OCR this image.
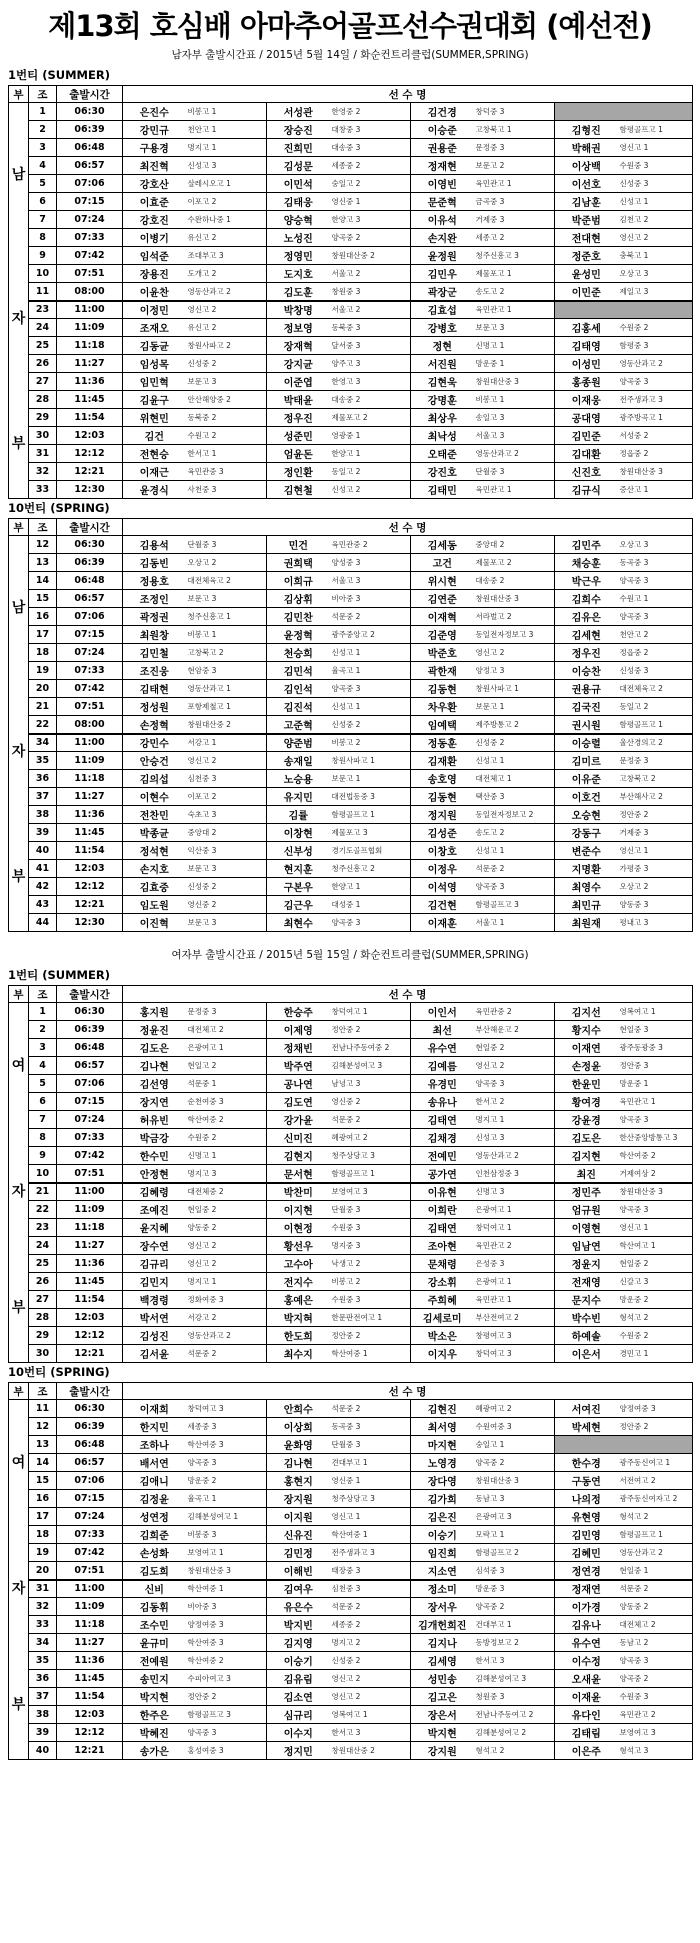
제13회 호심배 아마추어골프선수권대회 (예선전)
남자부 출발시간표 / 2015년 5월 14일 / 화순컨트리클럽(SUMMER,SPRING)
1번티 (SUMMER)
부	조	출발시간	선 수 명							
남	1	06:30	은진수	비봉고 1	서성관	한영중 2	김건경	창덕중 3		
	2	06:39	강민규	천안고 1	장승진	대창중 3	이승준	고창북고 1	김형진	함평골프고 1
	3	06:48	구용경	명지고 1	진희민	대송중 3	권용준	문정중 3	박해권	영신고 1
	4	06:57	최진혁	신성고 3	김성문	세종중 2	정재현	보문고 2	이상백	수원중 3
	5	07:06	강호산	살레시오고 1	이민석	숭일고 2	이영빈	육민관고 1	이선호	신성중 3
	6	07:15	이효준	이포고 2	김태웅	영신중 1	문준혁	금곡중 3	김남훈	신성고 1
	7	07:24	강호진	수완하나중 1	양승혁	한양고 3	이유석	거제중 3	박준범	김천고 2
	8	07:33	이병기	유신고 2	노성진	양곡중 2	손지완	세종고 2	전대현	영신고 2
자	9	07:42	임석준	조대부고 3	정영민	창원대산중 2	윤정원	청주신흥고 3	정준호	충북고 1
	10	07:51	장용진	도개고 2	도지호	서울고 2	김민우	제물포고 1	윤성민	오상고 3
	11	08:00	이윤찬	영동산과고 2	김도훈	창원중 3	곽장군	송도고 2	이민준	제일고 3
	23	11:00	이정민	영신고 2	박창명	서울고 2	김효섭	육민관고 1		
	24	11:09	조재오	유신고 2	정보영	동북중 3	강병호	보문고 3	김홍세	수원중 2
	25	11:18	김동균	창원사파고 2	장재혁	달서중 3	정현	신명고 1	김태영	함평중 3
	26	11:27	임성목	신성중 2	강지균	양주고 3	서진원	망운중 1	이성민	영동산과고 2
	27	11:36	임민혁	보문고 3	이준엽	한영고 3	김현욱	창원대산중 3	홍종원	양곡중 3
부	28	11:45	김윤구	안산해양중 2	박태윤	대송중 2	강명훈	비봉고 1	이재웅	전주생과고 3
	29	11:54	위현민	동북중 2	정우진	제물포고 2	최상우	송일고 3	공대영	광주방곡고 1
	30	12:03	김건	수원고 2	성준민	영광중 1	최낙성	서울고 3	김민준	서성중 2
	31	12:12	전현승	한서고 1	엄윤돈	한양고 1	오태준	영동산과고 2	김대환	정읍중 2
	32	12:21	이재근	육민관중 3	정인환	동일고 2	강진호	단월중 3	신진호	창원대산중 3
	33	12:30	윤경식	사천중 3	김현철	신성고 2	김태민	육민관고 1	김규식	증산고 1
10번티 (SPRING)
부	조	출발시간	선 수 명							
남	12	06:30	김용석	단월중 3	민건	육민관중 2	김세동	중앙대 2	김민주	오상고 3
	13	06:39	김동빈	오상고 2	권희택	양성중 3	고건	제물포고 2	채승훈	동곡중 3
	14	06:48	정용호	대전체육고 2	이희규	서울고 3	위시현	대송중 2	박근우	양곡중 3
	15	06:57	조정인	보문고 3	김상휘	비아중 3	김연준	창원대산중 3	김희수	수원고 1
	16	07:06	곽정권	청주신흥고 1	김민찬	석문중 2	이재혁	서라벌고 2	김유은	양곡중 3
	17	07:15	최원창	비봉고 1	윤정혁	광주중앙고 2	김준영	동일전자정보고 3	김세현	천안고 2
	18	07:24	김민철	고창북고 2	천승희	신성고 1	박준호	영신고 2	정우진	정읍중 2
	19	07:33	조진웅	현암중 3	김민석	율곡고 1	곽한재	양정고 3	이승찬	신성중 3
자	20	07:42	김태현	영동산과고 1	김인석	양곡중 3	김동현	창원사파고 1	권용규	대전체육고 2
	21	07:51	정성원	포항제철고 1	김진석	신성고 1	차우환	보문고 1	김국진	동일고 2
	22	08:00	손정혁	창원대산중 2	고준혁	신성중 2	임예택	제주방통고 2	권시원	함평골프고 1
	34	11:00	강민수	서강고 1	양준범	비봉고 2	정동훈	신성중 2	이승렬	울산경의고 2
	35	11:09	안승건	영신고 2	송재일	창원사파고 1	김재환	신성고 1	김미르	문정중 3
	36	11:18	김의섭	심천중 3	노승용	보문고 1	송호영	대전체고 1	이유준	고창북고 2
	37	11:27	이현수	이포고 2	유지민	대전법동중 3	김동현	택산중 3	이호건	부산해사고 2
	38	11:36	전찬민	숙초고 3	김률	함평골프고 1	정지원	동일전자정보고 2	오승현	정안중 2
부	39	11:45	박종균	중앙대 2	이창현	제물포고 3	김성준	송도고 2	강동구	거제중 3
	40	11:54	정석현	익산중 3	신부성	경기도골프협회	이창호	신성고 1	변준수	영신고 1
	41	12:03	손지호	보문고 3	현지훈	청주신흥고 2	이정우	석문중 2	지명환	가평중 3
	42	12:12	김효중	신성중 2	구본우	한양고 1	이석영	양곡중 3	최영수	오상고 2
	43	12:21	임도원	영신중 2	김근우	대성중 1	김건현	함평골프고 3	최민규	양동중 3
	44	12:30	이진혁	보문고 3	최현수	양곡중 3	이재훈	서울고 1	최원재	평내고 3
여자부 출발시간표 / 2015년 5월 15일 / 화순컨트리클럽(SUMMER,SPRING)
1번티 (SUMMER)
부	조	출발시간	선 수 명							
여	1	06:30	홍지원	문정중 3	한승주	창덕여고 1	이인서	육민관중 2	김지선	영복여고 1
	2	06:39	정윤진	대전체고 2	이제영	정안중 2	최선	부산해운고 2	황지수	현일중 3
	3	06:48	김도은	은광여고 1	정채빈	전남나주동여중 2	유수연	현일중 2	이재연	광주동광중 3
	4	06:57	김나현	현일고 2	박주연	김해분성여고 3	김예름	영신고 2	손정윤	정안중 3
	5	07:06	김선영	석문중 1	공나연	남녕고 3	유경민	양곡중 3	한윤민	망운중 1
	6	07:15	장지연	순천여중 3	김도연	영신중 2	송유나	한서고 2	황여경	육민관고 1
	7	07:24	허유빈	학산여중 2	강가윤	석문중 2	김태연	명지고 1	강윤경	양곡중 3
자	8	07:33	박금강	수원중 2	신미진	혜광여고 2	김채경	신성고 3	김도은	한산중앙방통고 3
	9	07:42	한수민	신명고 1	김현지	청주상당고 3	전예민	영동산과고 2	김지현	학산여중 2
	10	07:51	안정현	명지고 3	문서현	함평골프고 1	공가연	인천삼정중 3	최진	거제여상 2
	21	11:00	김혜령	대전체중 2	박찬미	보영여고 3	이유현	신명고 3	정민주	창원대산중 3
	22	11:09	조예진	현일중 2	이지현	단월중 3	이희란	은광여고 1	엄규원	양곡중 3
	23	11:18	윤지혜	양동중 2	이현정	수원중 3	김태연	창덕여고 1	이영현	영신고 1
	24	11:27	장수연	영신고 2	황선우	명지중 3	조아현	육민관고 2	임남연	학산여고 1
부	25	11:36	김규리	영신고 2	고수아	낙생고 2	문채령	은성중 3	정윤지	현일중 2
	26	11:45	김민지	명지고 1	전지수	비봉고 2	강소휘	은광여고 1	전재영	신갈고 3
	27	11:54	백경령	정화여중 3	홍예은	수원중 3	주희혜	육민관고 1	문지수	망운중 2
	28	12:03	박서연	서강고 2	박지혀	한문판전여고 1	김세로미	부산전여고 2	박수빈	형석고 2
	29	12:12	김성진	영동산과고 2	한도희	정안중 2	박소은	창평여고 3	하예솔	수원중 2
	30	12:21	김서윤	석문중 2	최수지	학산여중 1	이지우	창덕여고 3	이은서	경민고 1
10번티 (SPRING)
부	조	출발시간	선 수 명							
여	11	06:30	이재희	창덕여고 3	안희수	석문중 2	김현진	혜광여고 2	서여진	양정여중 3
	12	06:39	한지민	세종중 3	이상희	동곡중 3	최서영	수원여중 3	박세현	정안중 2
	13	06:48	조하나	학산여중 3	윤화영	단월중 3	마지현	숭일고 1		
	14	06:57	배서연	양곡중 3	김나현	견대부고 1	노영경	양곡중 2	한수경	광주동신여고 1
	15	07:06	김애니	망운중 2	홍현지	영신중 1	장다영	창원대산중 3	구동연	서전여고 2
	16	07:15	김정윤	율곡고 1	장지원	청주상당고 3	김가희	동남고 3	나의정	광주동신여자고 2
	17	07:24	성연정	김해분성여고 1	이지원	영신고 1	김은진	은광여고 3	유현영	형석고 2
자	18	07:33	김희준	비봉중 3	신유진	학산여중 1	이승기	모락고 1	김민영	함평골프고 1
	19	07:42	손성화	보영여고 1	김민정	전주생과고 3	임진희	함평골프고 2	김혜민	영동산과고 2
	20	07:51	김도희	창원대산중 3	이해빈	태장중 3	지소연	심석중 3	정연경	현일중 1
	31	11:00	신비	학산여중 1	김여우	심천중 3	정소미	망운중 3	정재연	석문중 2
	32	11:09	김동휘	비아중 3	유은수	석문중 2	장서우	양곡중 2	이가경	양동중 2
	33	11:18	조수민	양정여중 3	박지빈	세종중 2	김개헌희진	건대부고 1	김유나	대전체고 2
	34	11:27	윤규미	학산여중 3	김지영	명지고 2	김지나	동방정보고 2	유수연	동남고 2
부	35	11:36	전예원	학산여중 2	이승기	신성중 2	김세영	한서고 3	이수정	양곡중 3
	36	11:45	송민지	수피아여고 3	김유림	영신고 2	성민송	김해분성여고 3	오새윤	양곡중 2
	37	11:54	박지현	정안중 2	김소연	영신고 2	김고은	청원중 3	이재윤	수원중 3
	38	12:03	한주은	함평골프고 3	심규리	영복여고 1	장은서	전남나주동여고 2	유다인	육민관고 2
	39	12:12	박혜진	양곡중 3	이수지	한서고 3	박지현	김해분성여고 2	김태림	보영여고 3
	40	12:21	송가은	홍성여중 3	정지민	창원대산중 2	강지원	형석고 2	이은주	형석고 3
